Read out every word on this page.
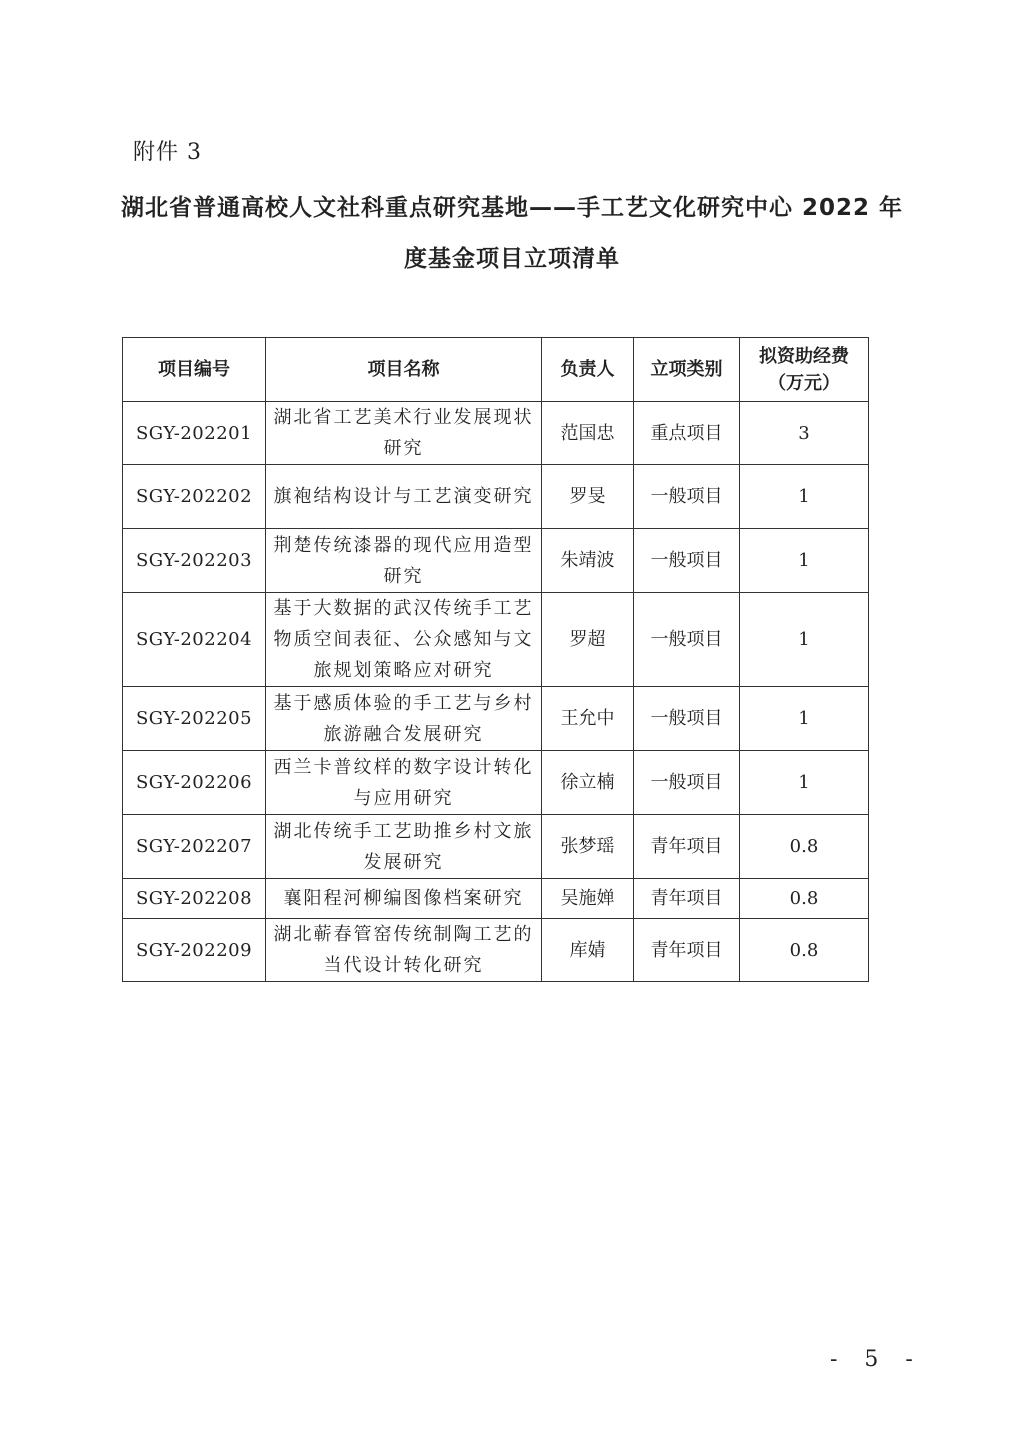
附件 3
湖北省普通高校人文社科重点研究基地——手工艺文化研究中心 2022 年
度基金项目立项清单
项目编号	项目名称	负责人	立项类别	拟资助经费
（万元）

SGY-202201	湖北省工艺美术行业发展现状研究	范国忠	重点项目	3
SGY-202202	旗袍结构设计与工艺演变研究	罗旻	一般项目	1
SGY-202203	荆楚传统漆器的现代应用造型研究	朱靖波	一般项目	1
SGY-202204	基于大数据的武汉传统手工艺物质空间表征、公众感知与文旅规划策略应对研究	罗超	一般项目	1
SGY-202205	基于感质体验的手工艺与乡村旅游融合发展研究	王允中	一般项目	1
SGY-202206	西兰卡普纹样的数字设计转化与应用研究	徐立楠	一般项目	1
SGY-202207	湖北传统手工艺助推乡村文旅发展研究	张梦瑶	青年项目	0.8
SGY-202208	襄阳程河柳编图像档案研究	吴施婵	青年项目	0.8
SGY-202209	湖北蕲春管窑传统制陶工艺的当代设计转化研究	库婧	青年项目	0.8
- 5 -
